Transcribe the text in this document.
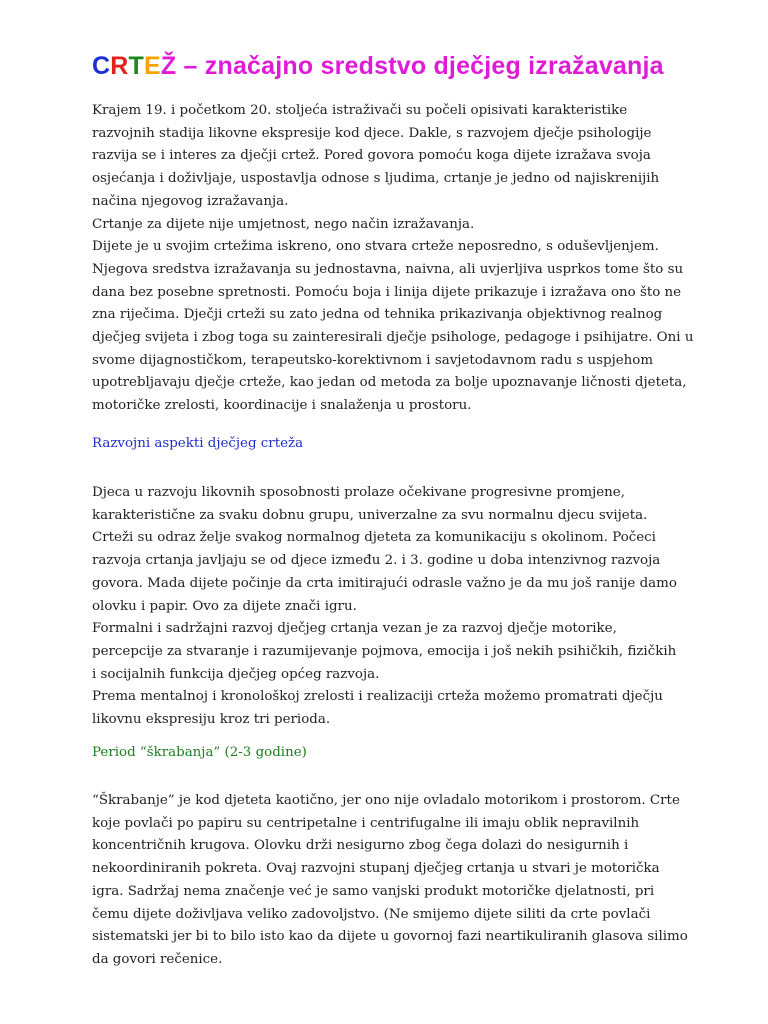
CRTEŽ – značajno sredstvo dječjeg izražavanja
Krajem 19. i početkom 20. stoljeća istraživači su počeli opisivati karakteristike
razvojnih stadija likovne ekspresije kod djece. Dakle, s razvojem dječje psihologije
razvija se i interes za dječji crtež. Pored govora pomoću koga dijete izražava svoja
osjećanja i doživljaje, uspostavlja odnose s ljudima, crtanje je jedno od najiskrenijih
načina njegovog izražavanja.
Crtanje za dijete nije umjetnost, nego način izražavanja.
Dijete je u svojim crtežima iskreno, ono stvara crteže neposredno, s oduševljenjem.
Njegova sredstva izražavanja su jednostavna, naivna, ali uvjerljiva usprkos tome što su
dana bez posebne spretnosti. Pomoću boja i linija dijete prikazuje i izražava ono što ne
zna riječima. Dječji crteži su zato jedna od tehnika prikazivanja objektivnog realnog
dječjeg svijeta i zbog toga su zainteresirali dječje psihologe, pedagoge i psihijatre. Oni u
svome dijagnostičkom, terapeutsko-korektivnom i savjetodavnom radu s uspjehom
upotrebljavaju dječje crteže, kao jedan od metoda za bolje upoznavanje ličnosti djeteta,
motoričke zrelosti, koordinacije i snalaženja u prostoru.
Razvojni aspekti dječjeg crteža
Djeca u razvoju likovnih sposobnosti prolaze očekivane progresivne promjene,
karakteristične za svaku dobnu grupu, univerzalne za svu normalnu djecu svijeta.
Crteži su odraz želje svakog normalnog djeteta za komunikaciju s okolinom. Počeci
razvoja crtanja javljaju se od djece između 2. i 3. godine u doba intenzivnog razvoja
govora. Mada dijete počinje da crta imitirajući odrasle važno je da mu još ranije damo
olovku i papir. Ovo za dijete znači igru.
Formalni i sadržajni razvoj dječjeg crtanja vezan je za razvoj dječje motorike,
percepcije za stvaranje i razumijevanje pojmova, emocija i još nekih psihičkih, fizičkih
i socijalnih funkcija dječjeg općeg razvoja.
Prema mentalnoj i kronološkoj zrelosti i realizaciji crteža možemo promatrati dječju
likovnu ekspresiju kroz tri perioda.
Period “škrabanja” (2-3 godine)
“Škrabanje” je kod djeteta kaotično, jer ono nije ovladalo motorikom i prostorom. Crte
koje povlači po papiru su centripetalne i centrifugalne ili imaju oblik nepravilnih
koncentričnih krugova. Olovku drži nesigurno zbog čega dolazi do nesigurnih i
nekoordiniranih pokreta. Ovaj razvojni stupanj dječjeg crtanja u stvari je motorička
igra. Sadržaj nema značenje već je samo vanjski produkt motoričke djelatnosti, pri
čemu dijete doživljava veliko zadovoljstvo. (Ne smijemo dijete siliti da crte povlači
sistematski jer bi to bilo isto kao da dijete u govornoj fazi neartikuliranih glasova silimo
da govori rečenice.
